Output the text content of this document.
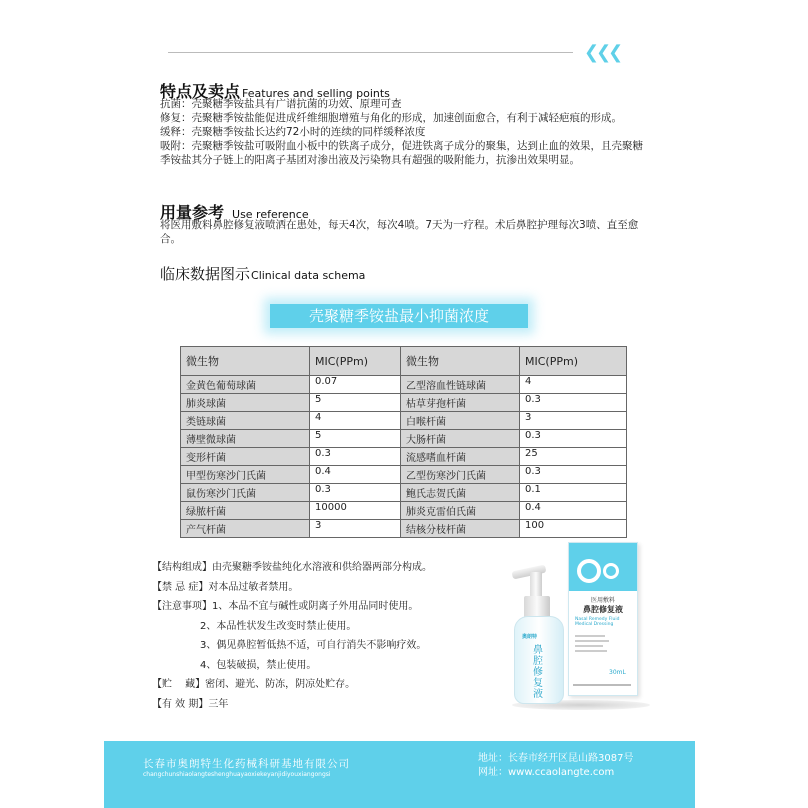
❮❮❮
特点及卖点 Features and selling points
抗菌：壳聚糖季铵盐具有广谱抗菌的功效、原理可查
修复：壳聚糖季铵盐能促进成纤维细胞增殖与角化的形成，加速创面愈合，有利于减轻疤痕的形成。
缓释：壳聚糖季铵盐长达约72小时的连续的同样缓释浓度
吸附：壳聚糖季铵盐可吸附血小板中的铁离子成分，促进铁离子成分的聚集，达到止血的效果，且壳聚糖季铵盐其分子链上的阳离子基团对渗出液及污染物具有超强的吸附能力，抗渗出效果明显。
用量参考 Use reference
将医用敷料鼻腔修复液喷洒在患处，每天4次，每次4喷。7天为一疗程。术后鼻腔护理每次3喷、直至愈合。
临床数据图示Clinical data schema
壳聚糖季铵盐最小抑菌浓度
微生物	MIC(PPm)	微生物	MIC(PPm)
金黄色葡萄球菌	0.07	乙型溶血性链球菌	4
肺炎球菌	5	枯草芽孢杆菌	0.3
类链球菌	4	白喉杆菌	3
薄壁微球菌	5	大肠杆菌	0.3
变形杆菌	0.3	流感嗜血杆菌	25
甲型伤寒沙门氏菌	0.4	乙型伤寒沙门氏菌	0.3
鼠伤寒沙门氏菌	0.3	鲍氏志贺氏菌	0.1
绿脓杆菌	10000	肺炎克雷伯氏菌	0.4
产气杆菌	3	结核分枝杆菌	100
【结构组成】由壳聚糖季铵盐纯化水溶液和供给器两部分构成。
【禁 忌 症】对本品过敏者禁用。
【注意事项】1、本品不宜与碱性或阴离子外用品同时使用。
2、本品性状发生改变时禁止使用。
3、偶见鼻腔暂低热不适，可自行消失不影响疗效。
4、包装破损，禁止使用。
【贮　 藏】密闭、避光、防冻，阴凉处贮存。
【有 效 期】三年
奥朗特
鼻腔修复液
医用敷料
鼻腔修复液
Nasal Remedy Fluid Medical Dressing
30mL
长春市奥朗特生化药械科研基地有限公司
changchunshiaolangteshenghuayaoxiekeyanjidiyouxiangongsi
地址：长春市经开区昆山路3087号
网址：www.ccaolangte.com
